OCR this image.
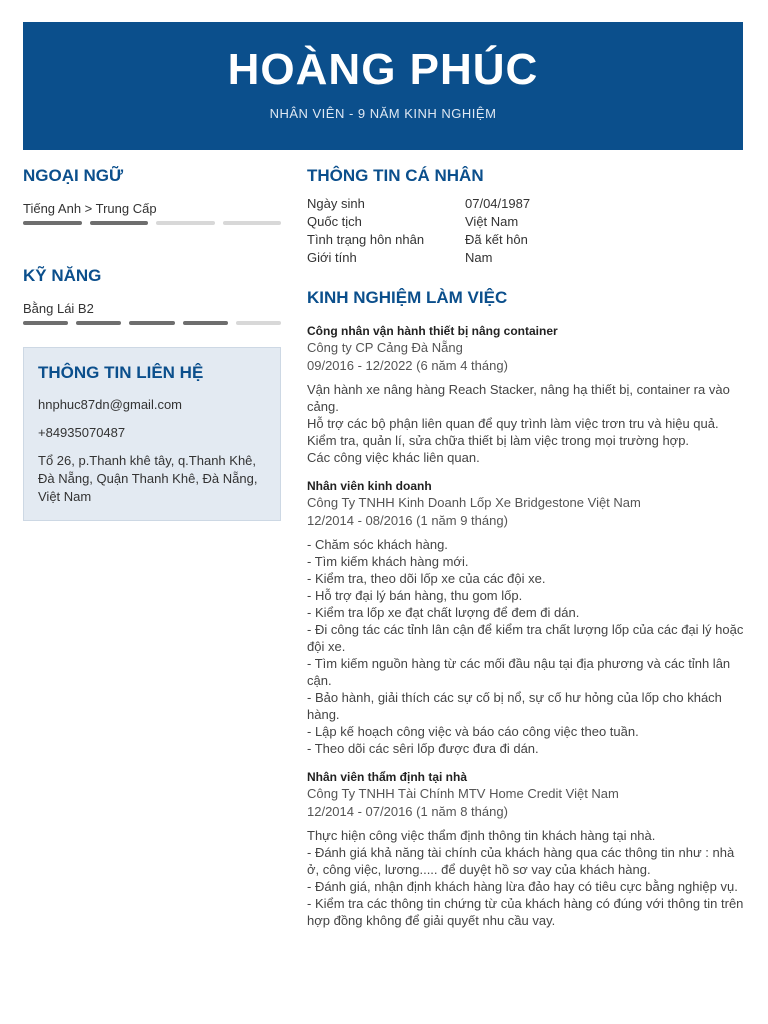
HOÀNG PHÚC
NHÂN VIÊN - 9 NĂM KINH NGHIỆM
NGOẠI NGỮ
Tiếng Anh > Trung Cấp
KỸ NĂNG
Bằng Lái B2
THÔNG TIN LIÊN HỆ
hnphuc87dn@gmail.com
+84935070487
Tổ 26, p.Thanh khê tây, q.Thanh Khê, Đà Nẵng, Quận Thanh Khê, Đà Nẵng, Việt Nam
THÔNG TIN CÁ NHÂN
Ngày sinh	07/04/1987
Quốc tịch	Việt Nam
Tình trạng hôn nhân	Đã kết hôn
Giới tính	Nam
KINH NGHIỆM LÀM VIỆC
Công nhân vận hành thiết bị nâng container
Công ty CP Cảng Đà Nẵng
09/2016 - 12/2022 (6 năm 4 tháng)
Vận hành xe nâng hàng Reach Stacker, nâng hạ thiết bị, container ra vào cảng.
Hỗ trợ các bộ phận liên quan để quy trình làm việc trơn tru và hiệu quả.
Kiểm tra, quản lí, sửa chữa thiết bị làm việc trong mọi trường hợp.
Các công việc khác liên quan.
Nhân viên kinh doanh
Công Ty TNHH Kinh Doanh Lốp Xe Bridgestone Việt Nam
12/2014 - 08/2016 (1 năm 9 tháng)
- Chăm sóc khách hàng.
- Tìm kiếm khách hàng mới.
- Kiểm tra, theo dõi lốp xe của các đội xe.
- Hỗ trợ đại lý bán hàng, thu gom lốp.
- Kiểm tra lốp xe đạt chất lượng để đem đi dán.
- Đi công tác các tỉnh lân cận để kiểm tra chất lượng lốp của các đại lý hoặc đội xe.
- Tìm kiếm nguồn hàng từ các mối đầu nậu tại địa phương và các tỉnh lân cận.
- Bảo hành, giải thích các sự cố bị nổ, sự cố hư hỏng của lốp cho khách hàng.
- Lập kế hoạch công việc và báo cáo công việc theo tuần.
- Theo dõi các sêri lốp được đưa đi dán.
Nhân viên thẩm định tại nhà
Công Ty TNHH Tài Chính MTV Home Credit Việt Nam
12/2014 - 07/2016 (1 năm 8 tháng)
Thực hiện công việc thẩm định thông tin khách hàng tại nhà.
- Đánh giá khả năng tài chính của khách hàng qua các thông tin như : nhà ở, công việc, lương..... để duyệt hồ sơ vay của khách hàng.
- Đánh giá, nhận định khách hàng lừa đảo hay có tiêu cực bằng nghiệp vụ.
- Kiểm tra các thông tin chứng từ của khách hàng có đúng với thông tin trên hợp đồng không để giải quyết nhu cầu vay.
